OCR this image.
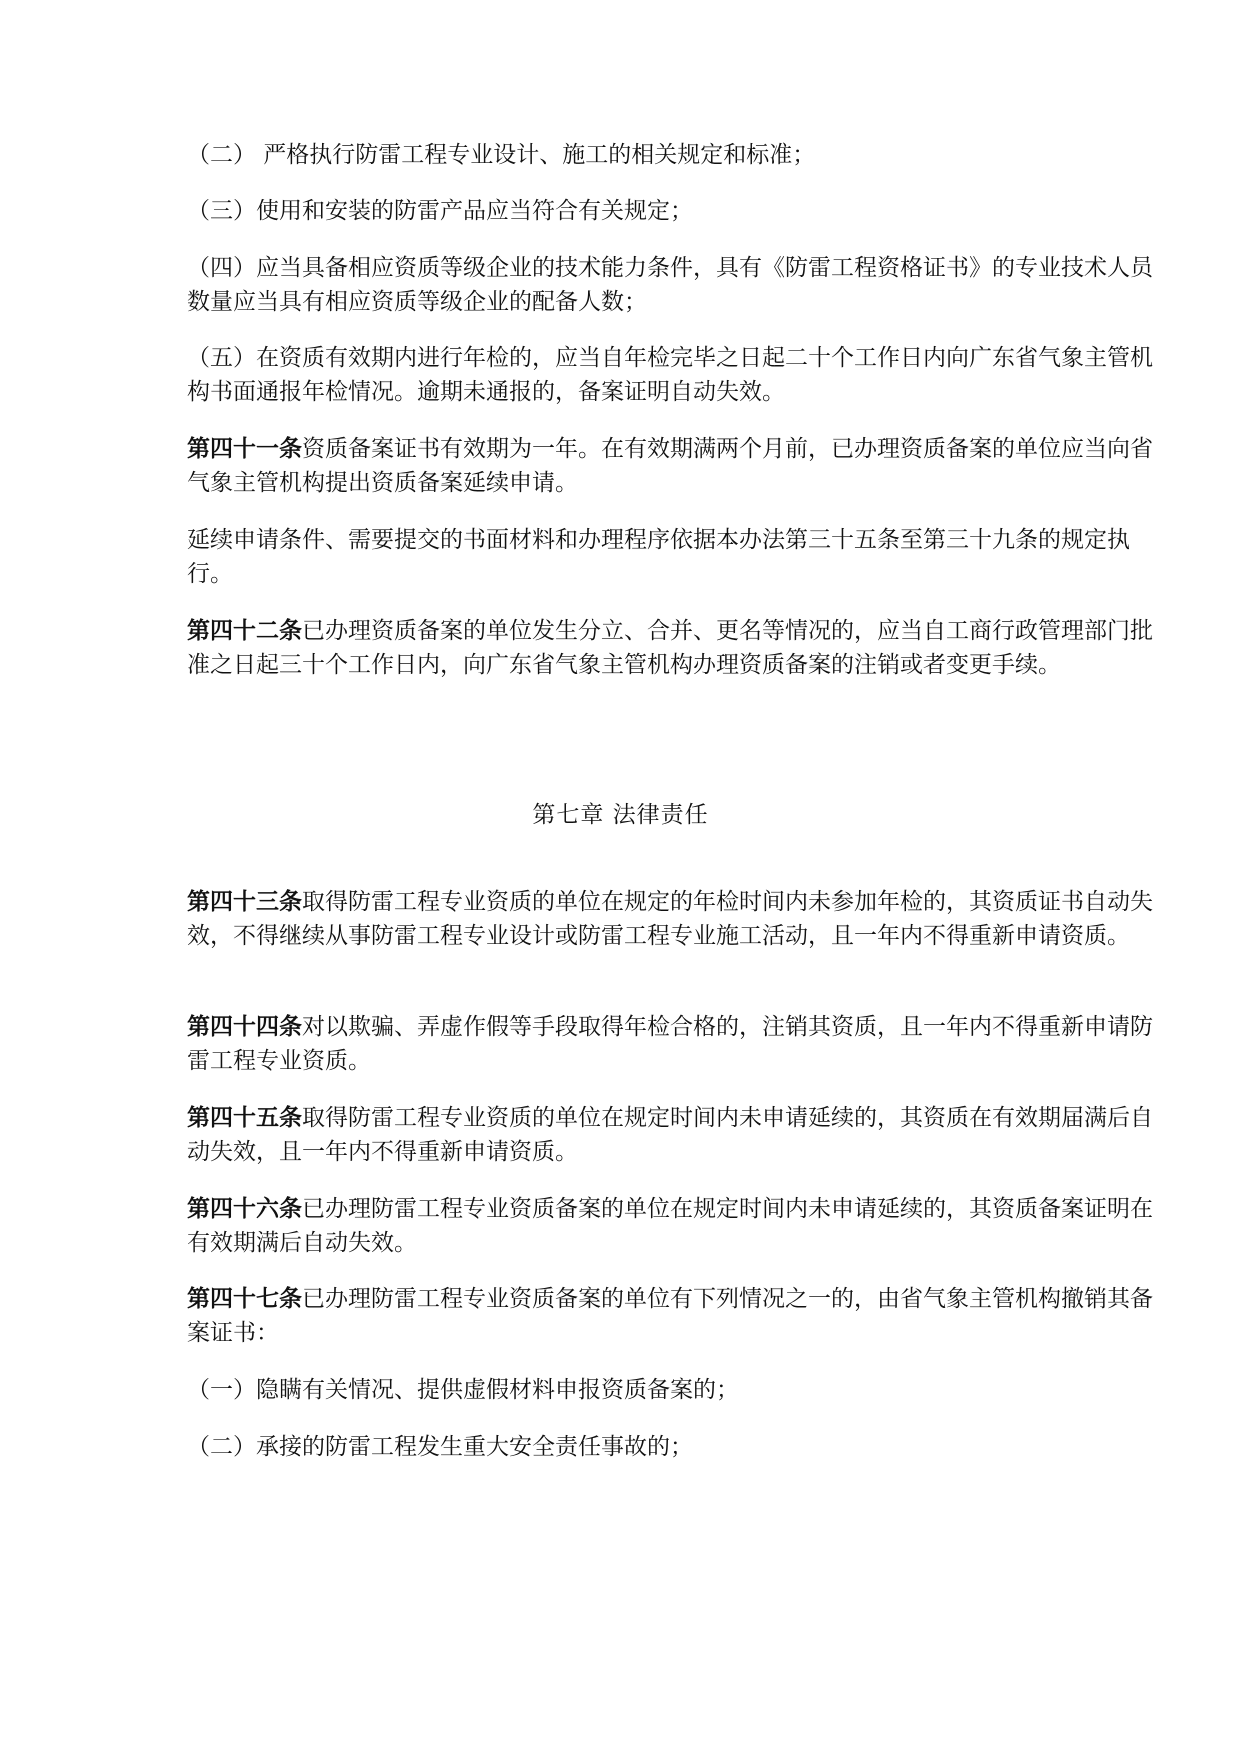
（二） 严格执行防雷工程专业设计、施工的相关规定和标准；

（三）使用和安装的防雷产品应当符合有关规定；

（四）应当具备相应资质等级企业的技术能力条件，具有《防雷工程资格证书》的专业技术人员数量应当具有相应资质等级企业的配备人数；

（五）在资质有效期内进行年检的，应当自年检完毕之日起二十个工作日内向广东省气象主管机构书面通报年检情况。逾期未通报的，备案证明自动失效。

第四十一条资质备案证书有效期为一年。在有效期满两个月前，已办理资质备案的单位应当向省气象主管机构提出资质备案延续申请。

延续申请条件、需要提交的书面材料和办理程序依据本办法第三十五条至第三十九条的规定执行。

第四十二条已办理资质备案的单位发生分立、合并、更名等情况的，应当自工商行政管理部门批准之日起三十个工作日内，向广东省气象主管机构办理资质备案的注销或者变更手续。

第七章 法律责任

第四十三条取得防雷工程专业资质的单位在规定的年检时间内未参加年检的，其资质证书自动失效，不得继续从事防雷工程专业设计或防雷工程专业施工活动，且一年内不得重新申请资质。

第四十四条对以欺骗、弄虚作假等手段取得年检合格的，注销其资质，且一年内不得重新申请防雷工程专业资质。

第四十五条取得防雷工程专业资质的单位在规定时间内未申请延续的，其资质在有效期届满后自动失效，且一年内不得重新申请资质。

第四十六条已办理防雷工程专业资质备案的单位在规定时间内未申请延续的，其资质备案证明在有效期满后自动失效。

第四十七条已办理防雷工程专业资质备案的单位有下列情况之一的，由省气象主管机构撤销其备案证书：

（一）隐瞒有关情况、提供虚假材料申报资质备案的；

（二）承接的防雷工程发生重大安全责任事故的；
